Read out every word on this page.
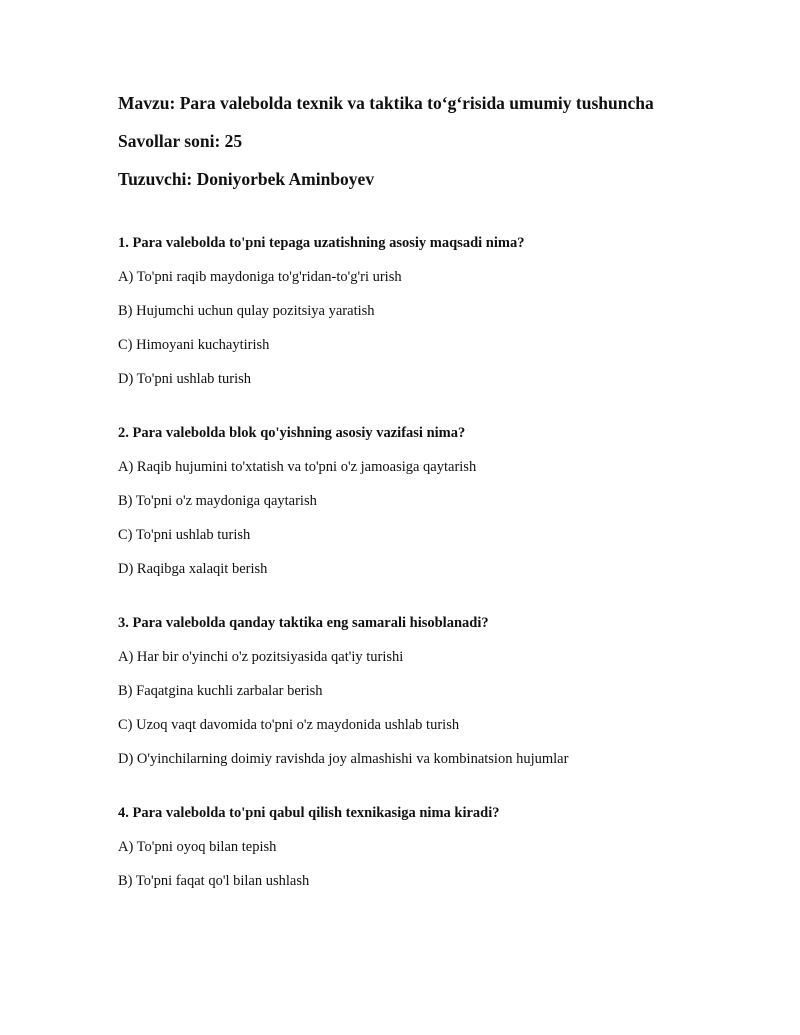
Mavzu: Para valebolda texnik va taktika to‘g‘risida umumiy tushuncha

Savollar soni: 25

Tuzuvchi: Doniyorbek Aminboyev

1. Para valebolda to'pni tepaga uzatishning asosiy maqsadi nima?

A) To'pni raqib maydoniga to'g'ridan-to'g'ri urish

B) Hujumchi uchun qulay pozitsiya yaratish

C) Himoyani kuchaytirish

D) To'pni ushlab turish

2. Para valebolda blok qo'yishning asosiy vazifasi nima?

A) Raqib hujumini to'xtatish va to'pni o'z jamoasiga qaytarish

B) To'pni o'z maydoniga qaytarish

C) To'pni ushlab turish

D) Raqibga xalaqit berish

3. Para valebolda qanday taktika eng samarali hisoblanadi?

A) Har bir o'yinchi o'z pozitsiyasida qat'iy turishi

B) Faqatgina kuchli zarbalar berish

C) Uzoq vaqt davomida to'pni o'z maydonida ushlab turish

D) O'yinchilarning doimiy ravishda joy almashishi va kombinatsion hujumlar

4. Para valebolda to'pni qabul qilish texnikasiga nima kiradi?

A) To'pni oyoq bilan tepish

B) To'pni faqat qo'l bilan ushlash
